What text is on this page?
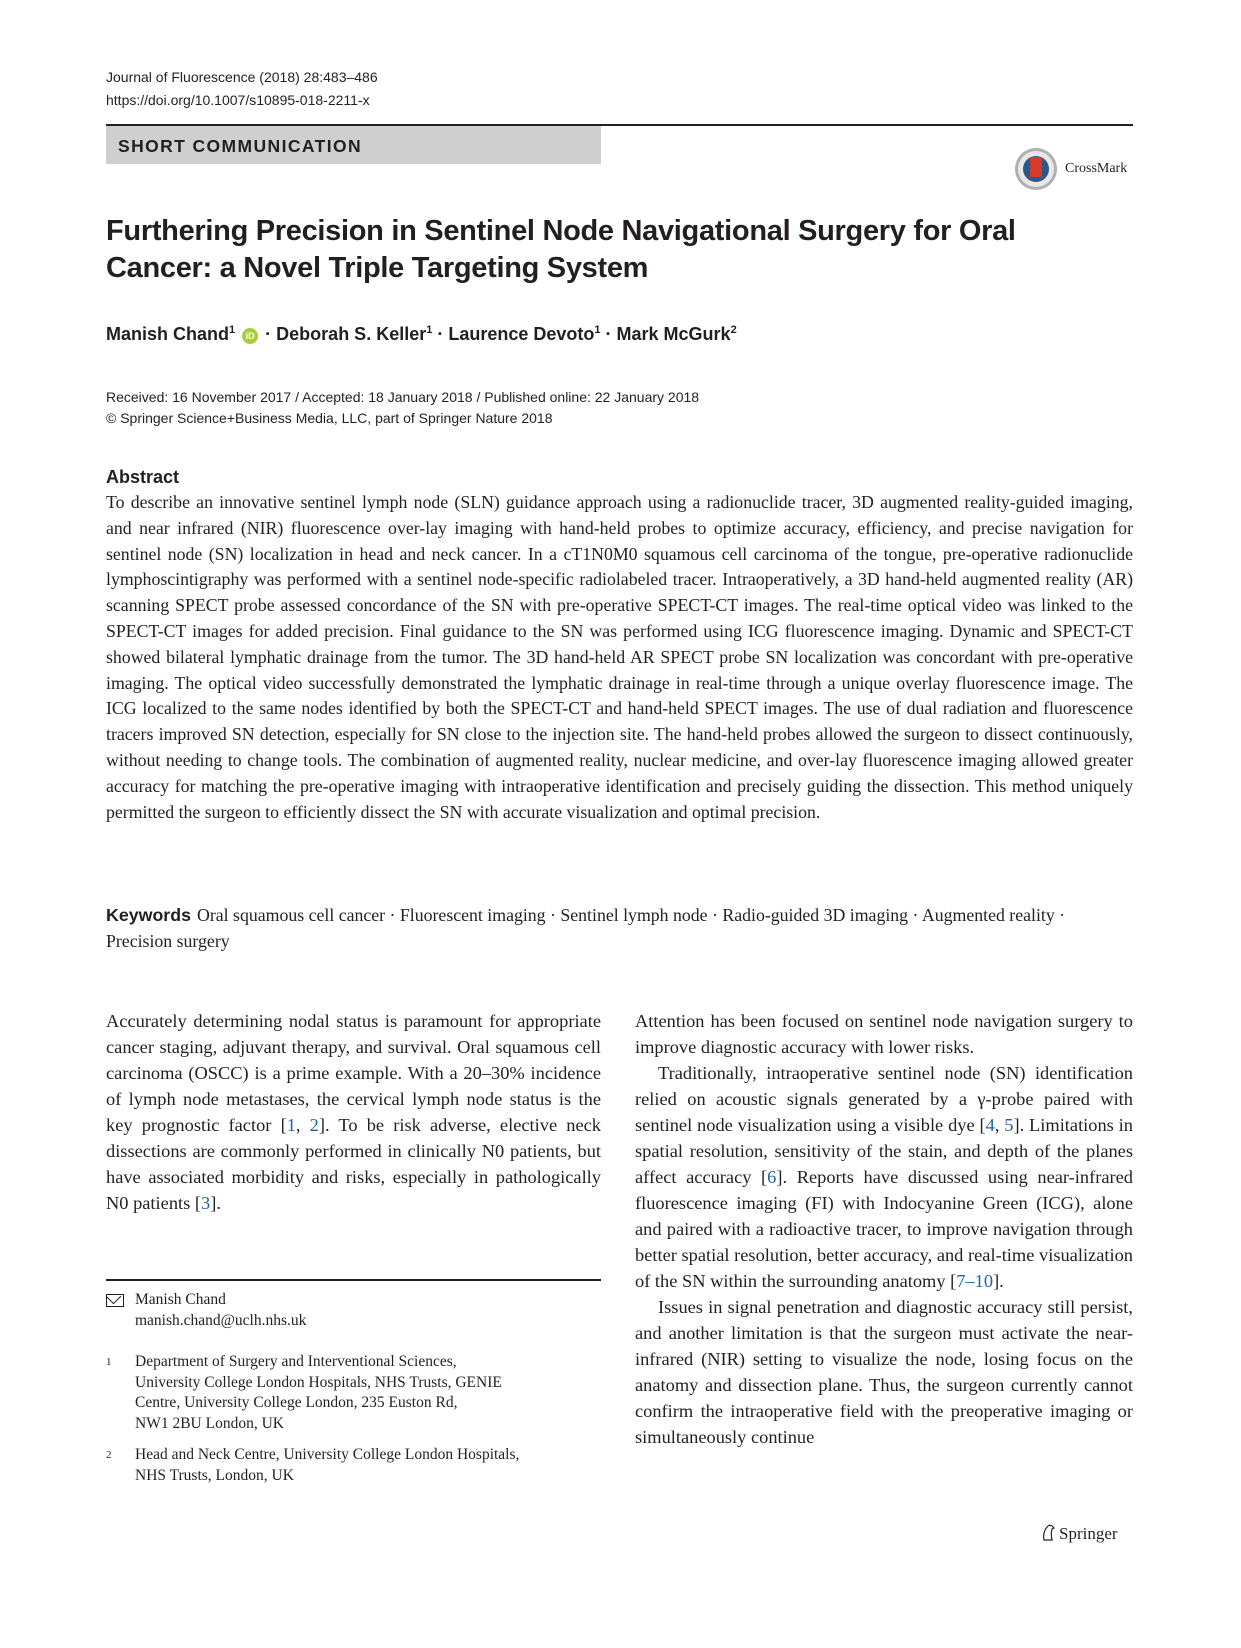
Journal of Fluorescence (2018) 28:483–486
https://doi.org/10.1007/s10895-018-2211-x
SHORT COMMUNICATION
CrossMark
Furthering Precision in Sentinel Node Navigational Surgery for Oral
Cancer: a Novel Triple Targeting System
Manish Chand$^1$ iD · Deborah S. Keller$^1$ · Laurence Devoto$^1$ · Mark McGurk$^2$
Received: 16 November 2017 / Accepted: 18 January 2018 / Published online: 22 January 2018
© Springer Science+Business Media, LLC, part of Springer Nature 2018
Abstract
To describe an innovative sentinel lymph node (SLN) guidance approach using a radionuclide tracer, 3D augmented reality-guided imaging, and near infrared (NIR) fluorescence over-lay imaging with hand-held probes to optimize accuracy, efficiency, and precise navigation for sentinel node (SN) localization in head and neck cancer. In a cT1N0M0 squamous cell carcinoma of the tongue, pre-operative radionuclide lymphoscintigraphy was performed with a sentinel node-specific radiolabeled tracer. Intraoperatively, a 3D hand-held augmented reality (AR) scanning SPECT probe assessed concordance of the SN with pre-operative SPECT-CT images. The real-time optical video was linked to the SPECT-CT images for added precision. Final guidance to the SN was performed using ICG fluorescence imaging. Dynamic and SPECT-CT showed bilateral lymphatic drainage from the tumor. The 3D hand-held AR SPECT probe SN localization was concordant with pre-operative imaging. The optical video successfully demonstrated the lymphatic drainage in real-time through a unique overlay fluorescence image. The ICG localized to the same nodes identified by both the SPECT-CT and hand-held SPECT images. The use of dual radiation and fluorescence tracers improved SN detection, especially for SN close to the injection site. The hand-held probes allowed the surgeon to dissect continuously, without needing to change tools. The combination of augmented reality, nuclear medicine, and over-lay fluorescence imaging allowed greater accuracy for matching the pre-operative imaging with intraoperative identification and precisely guiding the dissection. This method uniquely permitted the surgeon to efficiently dissect the SN with accurate visualization and optimal precision.
Keywords Oral squamous cell cancer · Fluorescent imaging · Sentinel lymph node · Radio-guided 3D imaging · Augmented reality · Precision surgery

Accurately determining nodal status is paramount for appropriate cancer staging, adjuvant therapy, and survival. Oral squamous cell carcinoma (OSCC) is a prime example. With a 20–30% incidence of lymph node metastases, the cervical lymph node status is the key prognostic factor [1, 2]. To be risk adverse, elective neck dissections are commonly performed in clinically N0 patients, but have associated morbidity and risks, especially in pathologically N0 patients [3].

Attention has been focused on sentinel node navigation surgery to improve diagnostic accuracy with lower risks.

Traditionally, intraoperative sentinel node (SN) identification relied on acoustic signals generated by a γ-probe paired with sentinel node visualization using a visible dye [4, 5]. Limitations in spatial resolution, sensitivity of the stain, and depth of the planes affect accuracy [6]. Reports have discussed using near-infrared fluorescence imaging (FI) with Indocyanine Green (ICG), alone and paired with a radioactive tracer, to improve navigation through better spatial resolution, better accuracy, and real-time visualization of the SN within the surrounding anatomy [7–10].

Issues in signal penetration and diagnostic accuracy still persist, and another limitation is that the surgeon must activate the near-infrared (NIR) setting to visualize the node, losing focus on the anatomy and dissection plane. Thus, the surgeon currently cannot confirm the intraoperative field with the preoperative imaging or simultaneously continue

Manish Chand
manish.chand@uclh.nhs.uk
1 Department of Surgery and Interventional Sciences,
University College London Hospitals, NHS Trusts, GENIE
Centre, University College London, 235 Euston Rd,
NW1 2BU London, UK
2 Head and Neck Centre, University College London Hospitals,
NHS Trusts, London, UK
Springer
